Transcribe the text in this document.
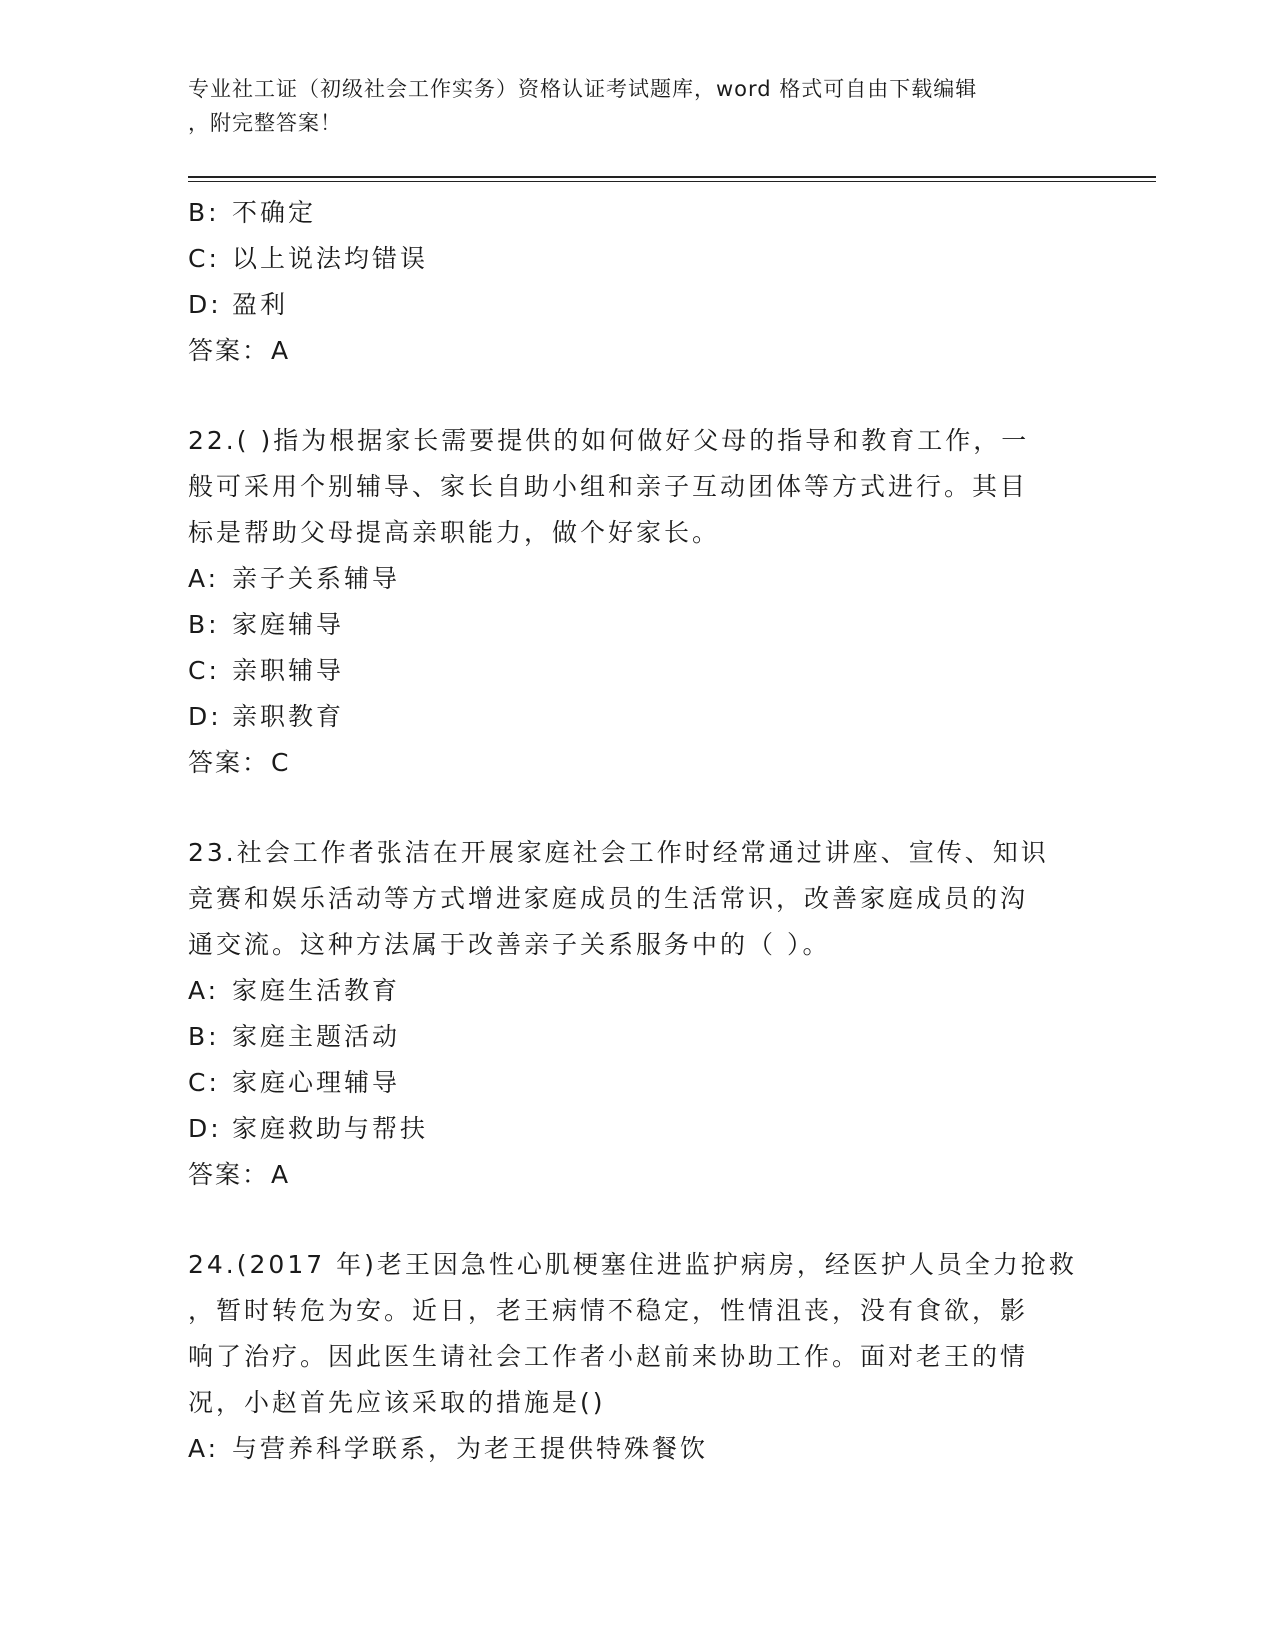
专业社工证（初级社会工作实务）资格认证考试题库，word 格式可自由下载编辑
，附完整答案！
B: 不确定
C: 以上说法均错误
D: 盈利
答案：A
22.( )指为根据家长需要提供的如何做好父母的指导和教育工作，一
般可采用个别辅导、家长自助小组和亲子互动团体等方式进行。其目
标是帮助父母提高亲职能力，做个好家长。
A: 亲子关系辅导
B: 家庭辅导
C: 亲职辅导
D: 亲职教育
答案：C
23.社会工作者张洁在开展家庭社会工作时经常通过讲座、宣传、知识
竞赛和娱乐活动等方式增进家庭成员的生活常识，改善家庭成员的沟
通交流。这种方法属于改善亲子关系服务中的（ ）。
A: 家庭生活教育
B: 家庭主题活动
C: 家庭心理辅导
D: 家庭救助与帮扶
答案：A
24.(2017 年)老王因急性心肌梗塞住进监护病房，经医护人员全力抢救
，暂时转危为安。近日，老王病情不稳定，性情沮丧，没有食欲，影
响了治疗。因此医生请社会工作者小赵前来协助工作。面对老王的情
况，小赵首先应该采取的措施是()
A: 与营养科学联系，为老王提供特殊餐饮
